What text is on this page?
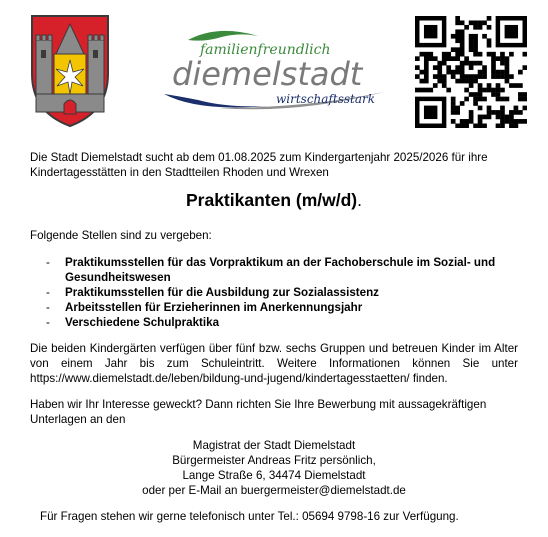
familienfreundlich
diemelstadt
wirtschaftsstark
Die Stadt Diemelstadt sucht ab dem 01.08.2025 zum Kindergartenjahr 2025/2026 für ihre Kindertagesstätten in den Stadtteilen Rhoden und Wrexen
Praktikanten (m/w/d).
Folgende Stellen sind zu vergeben:
- Praktikumsstellen für das Vorpraktikum an der Fachoberschule im Sozial- und Gesundheitswesen
- Praktikumsstellen für die Ausbildung zur Sozialassistenz
- Arbeitsstellen für Erzieherinnen im Anerkennungsjahr
- Verschiedene Schulpraktika
Die beiden Kindergärten verfügen über fünf bzw. sechs Gruppen und betreuen Kinder im Alter von einem Jahr bis zum Schuleintritt. Weitere Informationen können Sie unter https://www.diemelstadt.de/leben/bildung-und-jugend/kindertagesstaetten/ finden.
Haben wir Ihr Interesse geweckt? Dann richten Sie Ihre Bewerbung mit aussagekräftigen Unterlagen an den
Magistrat der Stadt Diemelstadt
Bürgermeister Andreas Fritz persönlich,
Lange Straße 6, 34474 Diemelstadt
oder per E-Mail an buergermeister@diemelstadt.de
Für Fragen stehen wir gerne telefonisch unter Tel.: 05694 9798-16 zur Verfügung.
